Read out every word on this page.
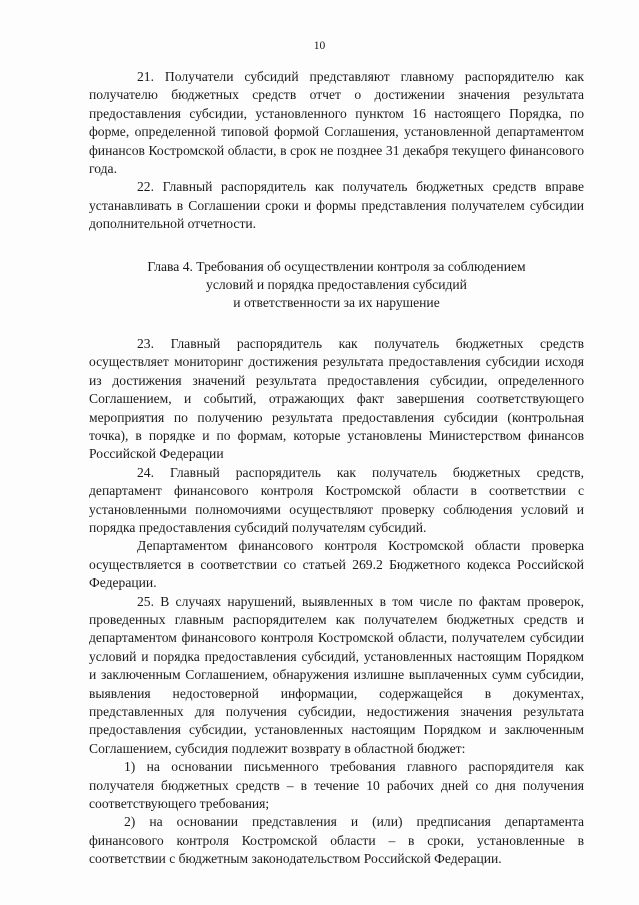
10

21. Получатели субсидий представляют главному распорядителю как получателю бюджетных средств отчет о достижении значения результата предоставления субсидии, установленного пунктом 16 настоящего Порядка, по форме, определенной типовой формой Соглашения, установленной департаментом финансов Костромской области, в срок не позднее 31 декабря текущего финансового года.

22. Главный распорядитель как получатель бюджетных средств вправе устанавливать в Соглашении сроки и формы представления получателем субсидии дополнительной отчетности.

Глава 4. Требования об осуществлении контроля за соблюдением
условий и порядка предоставления субсидий
и ответственности за их нарушение

23. Главный распорядитель как получатель бюджетных средств осуществляет мониторинг достижения результата предоставления субсидии исходя из достижения значений результата предоставления субсидии, определенного Соглашением, и событий, отражающих факт завершения соответствующего мероприятия по получению результата предоставления субсидии (контрольная точка), в порядке и по формам, которые установлены Министерством финансов Российской Федерации

24. Главный распорядитель как получатель бюджетных средств, департамент финансового контроля Костромской области в соответствии с установленными полномочиями осуществляют проверку соблюдения условий и порядка предоставления субсидий получателям субсидий.

Департаментом финансового контроля Костромской области проверка осуществляется в соответствии со статьей 269.2 Бюджетного кодекса Российской Федерации.

25. В случаях нарушений, выявленных в том числе по фактам проверок, проведенных главным распорядителем как получателем бюджетных средств и департаментом финансового контроля Костромской области, получателем субсидии условий и порядка предоставления субсидий, установленных настоящим Порядком и заключенным Соглашением, обнаружения излишне выплаченных сумм субсидии, выявления недостоверной информации, содержащейся в документах, представленных для получения субсидии, недостижения значения результата предоставления субсидии, установленных настоящим Порядком и заключенным Соглашением, субсидия подлежит возврату в областной бюджет:

1) на основании письменного требования главного распорядителя как получателя бюджетных средств – в течение 10 рабочих дней со дня получения соответствующего требования;

2) на основании представления и (или) предписания департамента финансового контроля Костромской области – в сроки, установленные в соответствии с бюджетным законодательством Российской Федерации.
